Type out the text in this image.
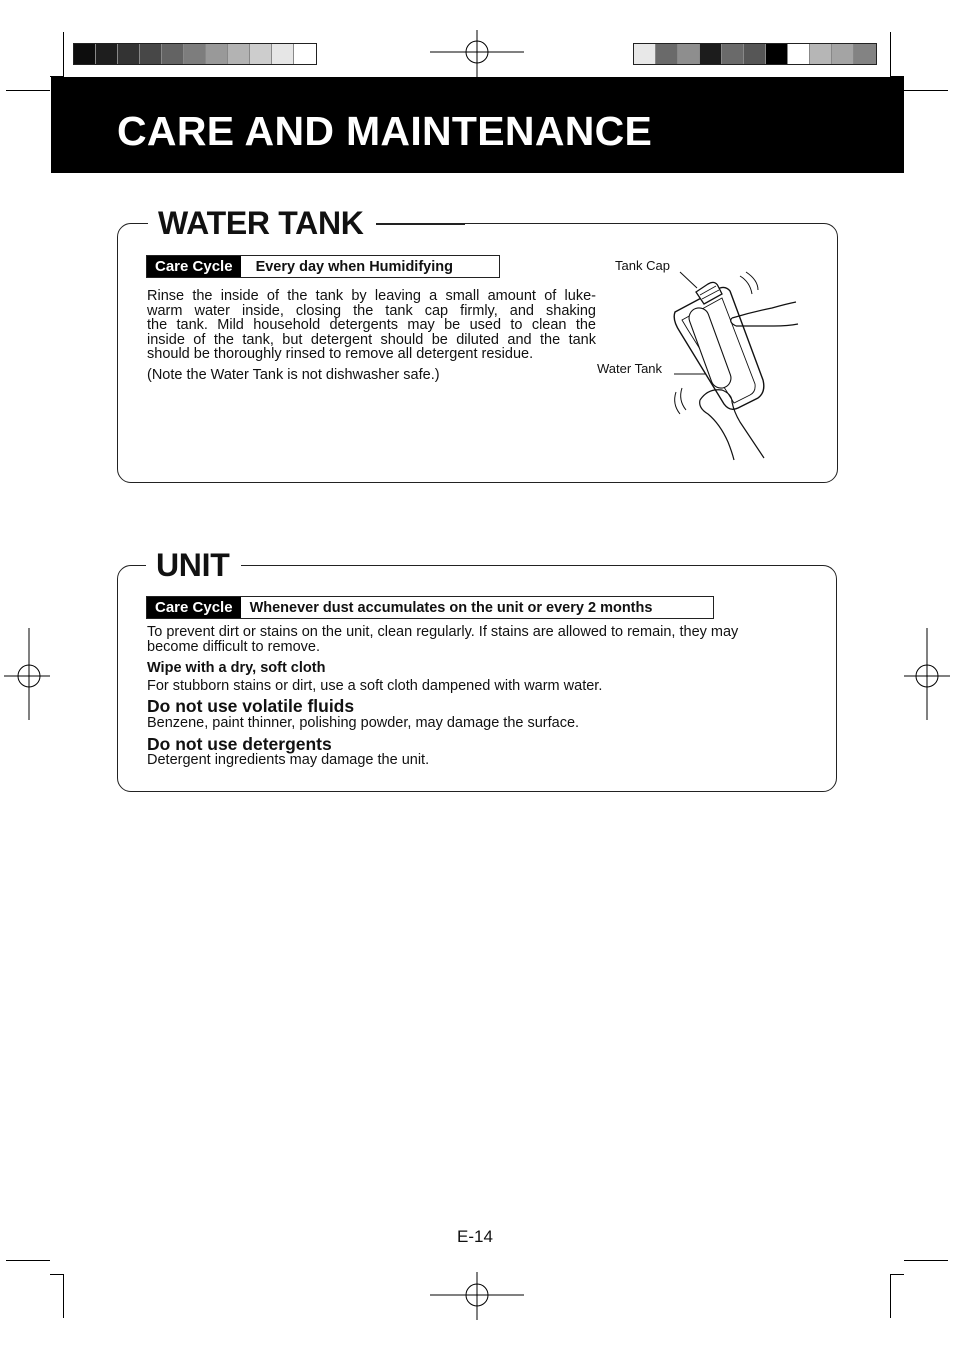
CARE AND MAINTENANCE
WATER TANK
Care Cycle	Every day when Humidifying
Rinse the inside of the tank by leaving a small amount of luke-
warm water inside, closing the tank cap firmly, and shaking
the tank. Mild household detergents may be used to clean the
inside of the tank, but detergent should be diluted and the tank
should be thoroughly rinsed to remove all detergent residue.
(Note the Water Tank is not dishwasher safe.)
Tank Cap
Water Tank
UNIT
Care Cycle	Whenever dust accumulates on the unit or every 2 months
To prevent dirt or stains on the unit, clean regularly. If stains are allowed to remain, they may
become difficult to remove.
Wipe with a dry, soft cloth
For stubborn stains or dirt, use a soft cloth dampened with warm water.
Do not use volatile fluids
Benzene, paint thinner, polishing powder, may damage the surface.
Do not use detergents
Detergent ingredients may damage the unit.
E-14
